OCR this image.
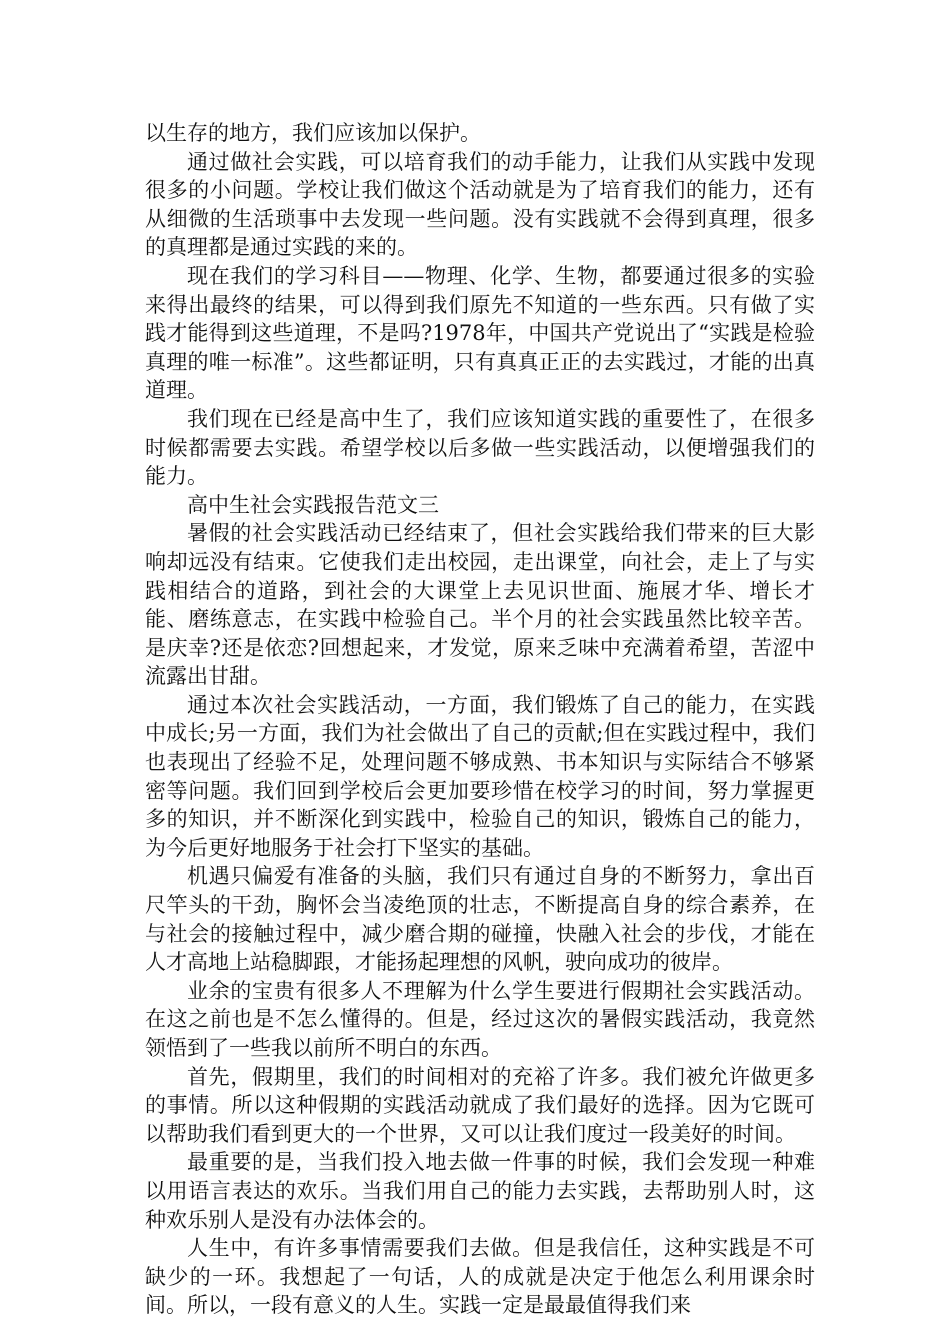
以生存的地方，我们应该加以保护。

通过做社会实践，可以培育我们的动手能力，让我们从实践中发现很多的小问题。学校让我们做这个活动就是为了培育我们的能力，还有从细微的生活琐事中去发现一些问题。没有实践就不会得到真理，很多的真理都是通过实践的来的。

现在我们的学习科目——物理、化学、生物，都要通过很多的实验来得出最终的结果，可以得到我们原先不知道的一些东西。只有做了实践才能得到这些道理，不是吗?1978年，中国共产党说出了“实践是检验真理的唯一标准”。这些都证明，只有真真正正的去实践过，才能的出真道理。

我们现在已经是高中生了，我们应该知道实践的重要性了，在很多时候都需要去实践。希望学校以后多做一些实践活动，以便增强我们的能力。

高中生社会实践报告范文三

暑假的社会实践活动已经结束了，但社会实践给我们带来的巨大影响却远没有结束。它使我们走出校园，走出课堂，向社会，走上了与实践相结合的道路，到社会的大课堂上去见识世面、施展才华、增长才能、磨练意志，在实践中检验自己。半个月的社会实践虽然比较辛苦。是庆幸?还是依恋?回想起来，才发觉，原来乏味中充满着希望，苦涩中流露出甘甜。

通过本次社会实践活动，一方面，我们锻炼了自己的能力，在实践中成长;另一方面，我们为社会做出了自己的贡献;但在实践过程中，我们也表现出了经验不足，处理问题不够成熟、书本知识与实际结合不够紧密等问题。我们回到学校后会更加要珍惜在校学习的时间，努力掌握更多的知识，并不断深化到实践中，检验自己的知识，锻炼自己的能力，为今后更好地服务于社会打下坚实的基础。

机遇只偏爱有准备的头脑，我们只有通过自身的不断努力，拿出百尺竿头的干劲，胸怀会当凌绝顶的壮志，不断提高自身的综合素养，在与社会的接触过程中，减少磨合期的碰撞，快融入社会的步伐，才能在人才高地上站稳脚跟，才能扬起理想的风帆，驶向成功的彼岸。

业余的宝贵有很多人不理解为什么学生要进行假期社会实践活动。在这之前也是不怎么懂得的。但是，经过这次的暑假实践活动，我竟然领悟到了一些我以前所不明白的东西。

首先，假期里，我们的时间相对的充裕了许多。我们被允许做更多的事情。所以这种假期的实践活动就成了我们最好的选择。因为它既可以帮助我们看到更大的一个世界，又可以让我们度过一段美好的时间。

最重要的是，当我们投入地去做一件事的时候，我们会发现一种难以用语言表达的欢乐。当我们用自己的能力去实践，去帮助别人时，这种欢乐别人是没有办法体会的。

人生中，有许多事情需要我们去做。但是我信任，这种实践是不可缺少的一环。我想起了一句话，人的成就是决定于他怎么利用课余时间。所以，一段有意义的人生。实践一定是最最值得我们来
